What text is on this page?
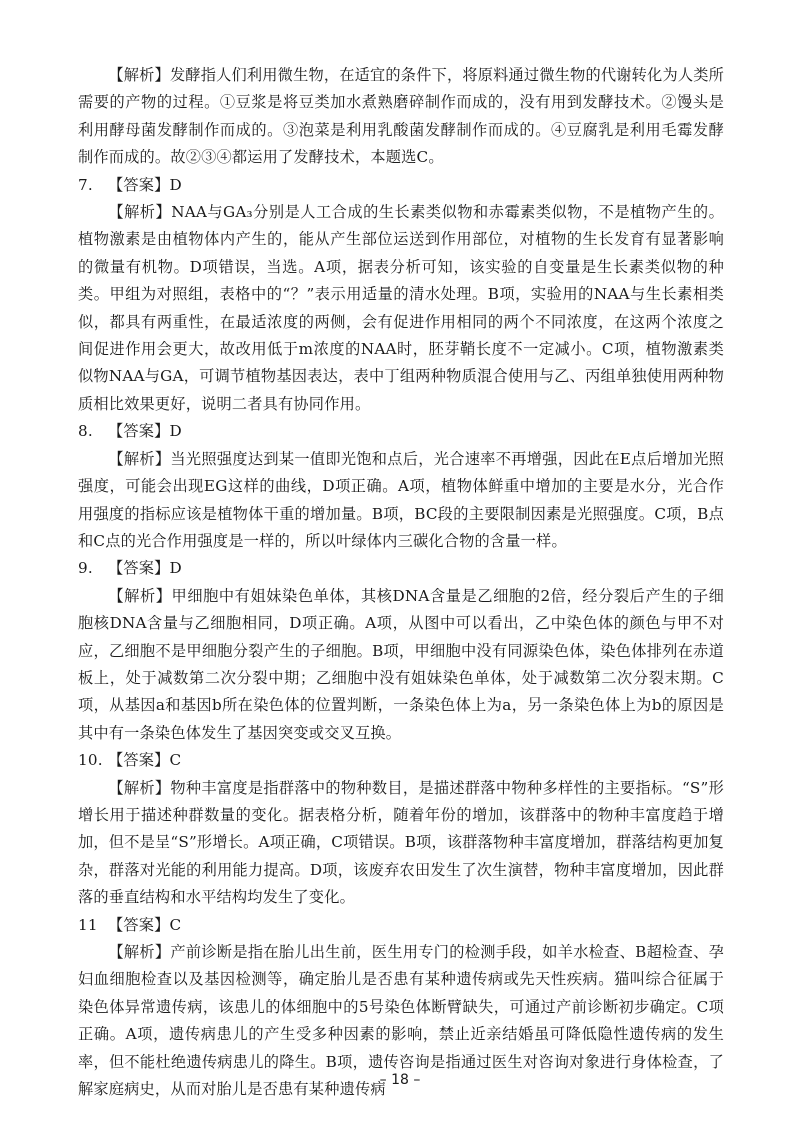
【解析】发酵指人们利用微生物，在适宜的条件下，将原料通过微生物的代谢转化为人类所需要的产物的过程。①豆浆是将豆类加水煮熟磨碎制作而成的，没有用到发酵技术。②馒头是利用酵母菌发酵制作而成的。③泡菜是利用乳酸菌发酵制作而成的。④豆腐乳是利用毛霉发酵制作而成的。故②③④都运用了发酵技术，本题选C。

7. 【答案】D

【解析】NAA与GA₃分别是人工合成的生长素类似物和赤霉素类似物，不是植物产生的。植物激素是由植物体内产生的，能从产生部位运送到作用部位，对植物的生长发育有显著影响的微量有机物。D项错误，当选。A项，据表分析可知，该实验的自变量是生长素类似物的种类。甲组为对照组，表格中的“？”表示用适量的清水处理。B项，实验用的NAA与生长素相类似，都具有两重性，在最适浓度的两侧，会有促进作用相同的两个不同浓度，在这两个浓度之间促进作用会更大，故改用低于m浓度的NAA时，胚芽鞘长度不一定减小。C项，植物激素类似物NAA与GA，可调节植物基因表达，表中丁组两种物质混合使用与乙、丙组单独使用两种物质相比效果更好，说明二者具有协同作用。

8. 【答案】D

【解析】当光照强度达到某一值即光饱和点后，光合速率不再增强，因此在E点后增加光照强度，可能会出现EG这样的曲线，D项正确。A项，植物体鲜重中增加的主要是水分，光合作用强度的指标应该是植物体干重的增加量。B项，BC段的主要限制因素是光照强度。C项，B点和C点的光合作用强度是一样的，所以叶绿体内三碳化合物的含量一样。

9. 【答案】D

【解析】甲细胞中有姐妹染色单体，其核DNA含量是乙细胞的2倍，经分裂后产生的子细胞核DNA含量与乙细胞相同，D项正确。A项，从图中可以看出，乙中染色体的颜色与甲不对应，乙细胞不是甲细胞分裂产生的子细胞。B项，甲细胞中没有同源染色体，染色体排列在赤道板上，处于减数第二次分裂中期；乙细胞中没有姐妹染色单体，处于减数第二次分裂末期。C项，从基因a和基因b所在染色体的位置判断，一条染色体上为a，另一条染色体上为b的原因是其中有一条染色体发生了基因突变或交叉互换。

10. 【答案】C

【解析】物种丰富度是指群落中的物种数目，是描述群落中物种多样性的主要指标。“S”形增长用于描述种群数量的变化。据表格分析，随着年份的增加，该群落中的物种丰富度趋于增加，但不是呈“S”形增长。A项正确，C项错误。B项，该群落物种丰富度增加，群落结构更加复杂，群落对光能的利用能力提高。D项，该废弃农田发生了次生演替，物种丰富度增加，因此群落的垂直结构和水平结构均发生了变化。

11 【答案】C

【解析】产前诊断是指在胎儿出生前，医生用专门的检测手段，如羊水检查、B超检查、孕妇血细胞检查以及基因检测等，确定胎儿是否患有某种遗传病或先天性疾病。猫叫综合征属于染色体异常遗传病，该患儿的体细胞中的5号染色体断臂缺失，可通过产前诊断初步确定。C项正确。A项，遗传病患儿的产生受多种因素的影响，禁止近亲结婚虽可降低隐性遗传病的发生率，但不能杜绝遗传病患儿的降生。B项，遗传咨询是指通过医生对咨询对象进行身体检查，了解家庭病史，从而对胎儿是否患有某种遗传病

– 18 –
